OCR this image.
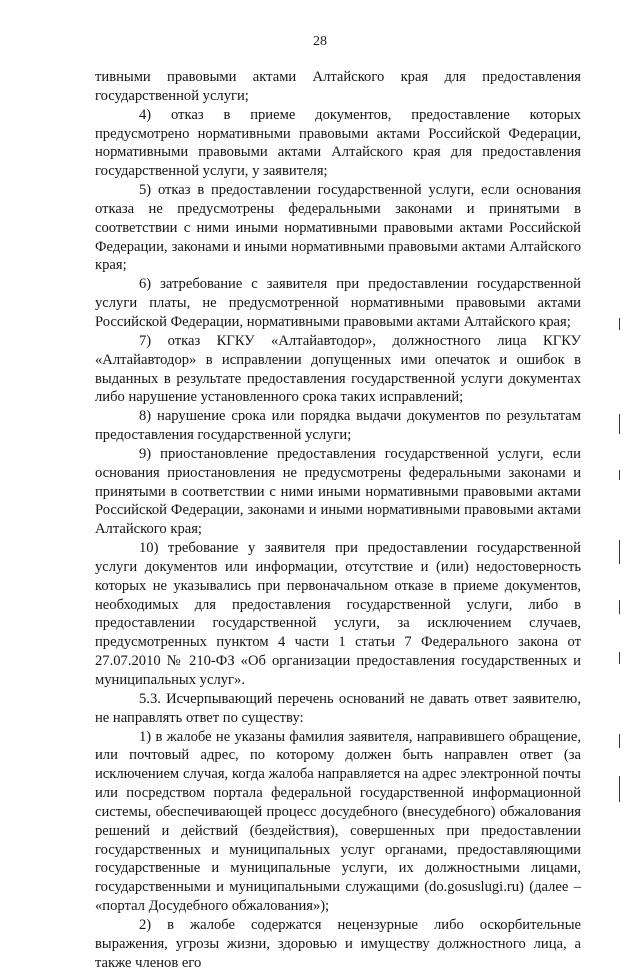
28

тивными правовыми актами Алтайского края для предоставления государственной услуги;

4) отказ в приеме документов, предоставление которых предусмотрено нормативными правовыми актами Российской Федерации, нормативными правовыми актами Алтайского края для предоставления государственной услуги, у заявителя;

5) отказ в предоставлении государственной услуги, если основания отказа не предусмотрены федеральными законами и принятыми в соответствии с ними иными нормативными правовыми актами Российской Федерации, законами и иными нормативными правовыми актами Алтайского края;

6) затребование с заявителя при предоставлении государственной услуги платы, не предусмотренной нормативными правовыми актами Российской Федерации, нормативными правовыми актами Алтайского края;

7) отказ КГКУ «Алтайавтодор», должностного лица КГКУ «Алтайавтодор» в исправлении допущенных ими опечаток и ошибок в выданных в результате предоставления государственной услуги документах либо нарушение установленного срока таких исправлений;

8) нарушение срока или порядка выдачи документов по результатам предоставления государственной услуги;

9) приостановление предоставления государственной услуги, если основания приостановления не предусмотрены федеральными законами и принятыми в соответствии с ними иными нормативными правовыми актами Российской Федерации, законами и иными нормативными правовыми актами Алтайского края;

10) требование у заявителя при предоставлении государственной услуги документов или информации, отсутствие и (или) недостоверность которых не указывались при первоначальном отказе в приеме документов, необходимых для предоставления государственной услуги, либо в предоставлении государственной услуги, за исключением случаев, предусмотренных пунктом 4 части 1 статьи 7 Федерального закона от 27.07.2010 № 210-ФЗ «Об организации предоставления государственных и муниципальных услуг».

5.3. Исчерпывающий перечень оснований не давать ответ заявителю, не направлять ответ по существу:

1) в жалобе не указаны фамилия заявителя, направившего обращение, или почтовый адрес, по которому должен быть направлен ответ (за исключением случая, когда жалоба направляется на адрес электронной почты или посредством портала федеральной государственной информационной системы, обеспечивающей процесс досудебного (внесудебного) обжалования решений и действий (бездействия), совершенных при предоставлении государственных и муниципальных услуг органами, предоставляющими государственные и муниципальные услуги, их должностными лицами, государственными и муниципальными служащими (do.gosuslugi.ru) (далее – «портал Досудебного обжалования»);

2) в жалобе содержатся нецензурные либо оскорбительные выражения, угрозы жизни, здоровью и имуществу должностного лица, а также членов его
